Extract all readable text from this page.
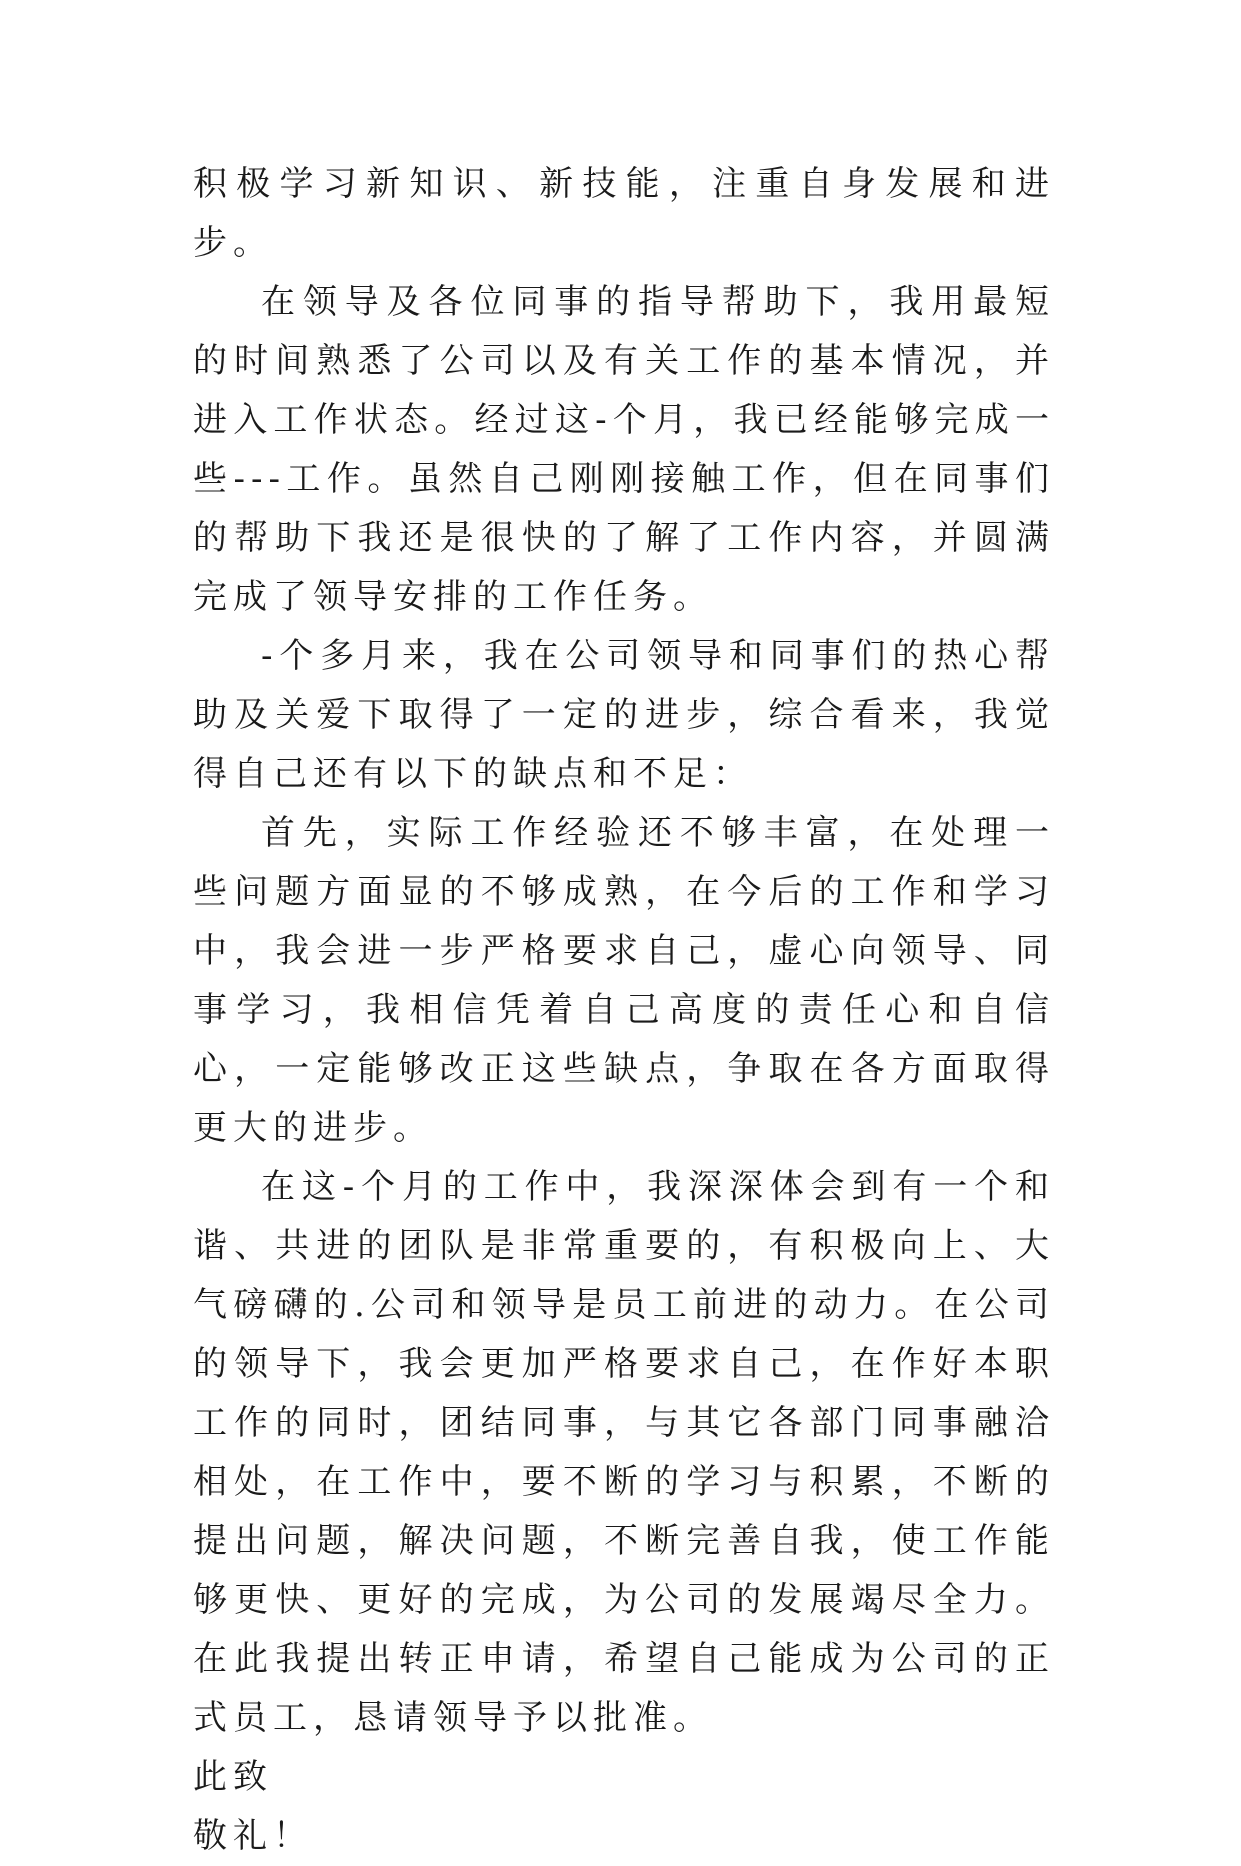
积极学习新知识、新技能，注重自身发展和进步。

在领导及各位同事的指导帮助下，我用最短的时间熟悉了公司以及有关工作的基本情况，并进入工作状态。经过这-个月，我已经能够完成一些---工作。虽然自己刚刚接触工作，但在同事们的帮助下我还是很快的了解了工作内容，并圆满完成了领导安排的工作任务。

-个多月来，我在公司领导和同事们的热心帮助及关爱下取得了一定的进步，综合看来，我觉得自己还有以下的缺点和不足：

首先，实际工作经验还不够丰富，在处理一些问题方面显的不够成熟，在今后的工作和学习中，我会进一步严格要求自己，虚心向领导、同事学习，我相信凭着自己高度的责任心和自信心，一定能够改正这些缺点，争取在各方面取得更大的进步。

在这-个月的工作中，我深深体会到有一个和谐、共进的团队是非常重要的，有积极向上、大气磅礴的.公司和领导是员工前进的动力。在公司的领导下，我会更加严格要求自己，在作好本职工作的同时，团结同事，与其它各部门同事融洽相处，在工作中，要不断的学习与积累，不断的提出问题，解决问题，不断完善自我，使工作能够更快、更好的完成，为公司的发展竭尽全力。在此我提出转正申请，希望自己能成为公司的正式员工，恳请领导予以批准。

此致

敬礼！
